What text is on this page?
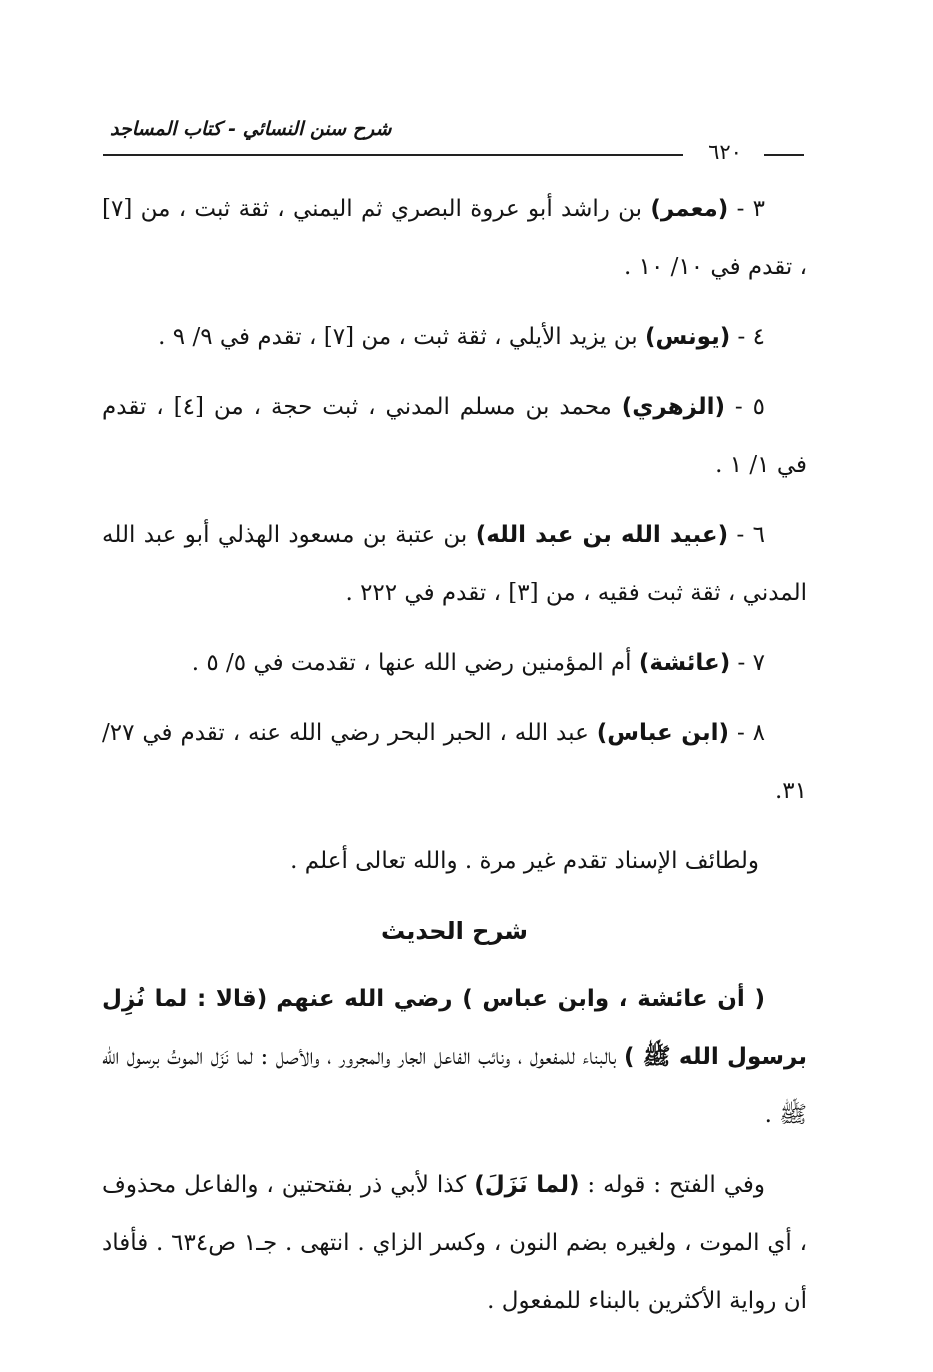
شرح سنن النسائي - كتاب المساجد
٦٢٠

٣ - (معمر) بن راشد أبو عروة البصري ثم اليمني ، ثقة ثبت ، من [٧] ، تقدم في ١٠/ ١٠ .

٤ - (يونس) بن يزيد الأيلي ، ثقة ثبت ، من [٧] ، تقدم في ٩/ ٩ .

٥ - (الزهري) محمد بن مسلم المدني ، ثبت حجة ، من [٤] ، تقدم في ١/ ١ .

٦ - (عبيد الله بن عبد الله) بن عتبة بن مسعود الهذلي أبو عبد الله المدني ، ثقة ثبت فقيه ، من [٣] ، تقدم في ٢٢٢ .

٧ - (عائشة) أم المؤمنين رضي الله عنها ، تقدمت في ٥/ ٥ .

٨ - (ابن عباس) عبد الله ، الحبر البحر رضي الله عنه ، تقدم في ٢٧/ ٣١.

ولطائف الإسناد تقدم غير مرة . والله تعالى أعلم .

شرح الحديث

( أن عائشة ، وابن عباس ) رضي الله عنهم (قالا : لما نُزِل برسول الله ﷺ ) بالبناء للمفعول ، ونائب الفاعل الجار والمجرور ، والأصل : لما نَزَل الموتُ برسول الله ﷺ .

وفي الفتح : قوله : (لما نَزَلَ) كذا لأبي ذر بفتحتين ، والفاعل محذوف ، أي الموت ، ولغيره بضم النون ، وكسر الزاي . انتهى . جـ١ ص٦٣٤ . فأفاد أن رواية الأكثرين بالبناء للمفعول .
